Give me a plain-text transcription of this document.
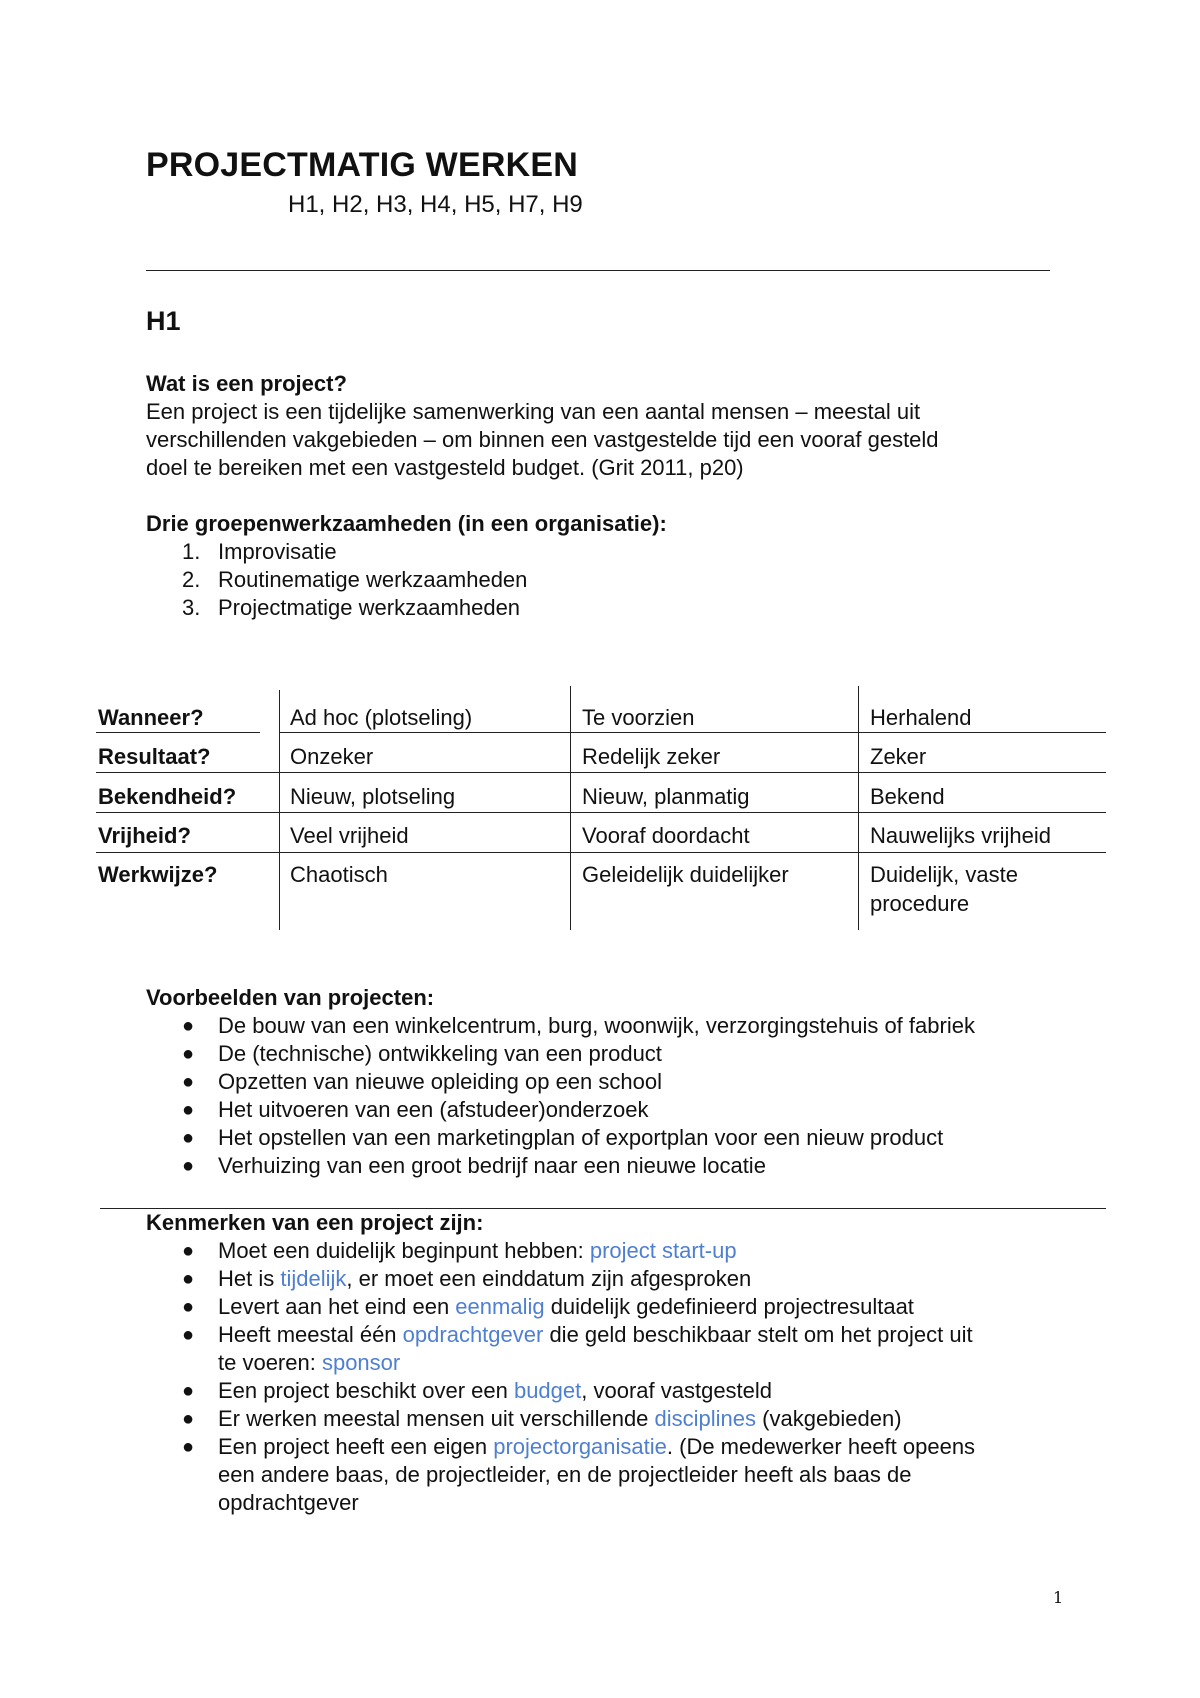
PROJECTMATIG WERKEN
H1, H2, H3, H4, H5, H7, H9
H1
Wat is een project?
Een project is een tijdelijke samenwerking van een aantal mensen – meestal uit
verschillenden vakgebieden – om binnen een vastgestelde tijd een vooraf gesteld
doel te bereiken met een vastgesteld budget. (Grit 2011, p20)
Drie groepenwerkzaamheden (in een organisatie):
1. Improvisatie
2. Routinematige werkzaamheden
3. Projectmatige werkzaamheden
Wanneer?	Ad hoc (plotseling)	Te voorzien	Herhalend
Resultaat?	Onzeker	Redelijk zeker	Zeker
Bekendheid? Nieuw, plotseling	Nieuw, planmatig	Bekend
Vrijheid?	Veel vrijheid	Vooraf doordacht	Nauwelijks vrijheid
Werkwijze?	Chaotisch	Geleidelijk duidelijker	Duidelijk, vaste
procedure
Voorbeelden van projecten:
● De bouw van een winkelcentrum, burg, woonwijk, verzorgingstehuis of fabriek
● De (technische) ontwikkeling van een product
● Opzetten van nieuwe opleiding op een school
● Het uitvoeren van een (afstudeer)onderzoek
● Het opstellen van een marketingplan of exportplan voor een nieuw product
● Verhuizing van een groot bedrijf naar een nieuwe locatie
Kenmerken van een project zijn:
● Moet een duidelijk beginpunt hebben: project start-up
● Het is tijdelijk, er moet een einddatum zijn afgesproken
● Levert aan het eind een eenmalig duidelijk gedefinieerd projectresultaat
● Heeft meestal één opdrachtgever die geld beschikbaar stelt om het project uit
te voeren: sponsor
● Een project beschikt over een budget, vooraf vastgesteld
● Er werken meestal mensen uit verschillende disciplines (vakgebieden)
● Een project heeft een eigen projectorganisatie. (De medewerker heeft opeens
een andere baas, de projectleider, en de projectleider heeft als baas de
opdrachtgever
1
